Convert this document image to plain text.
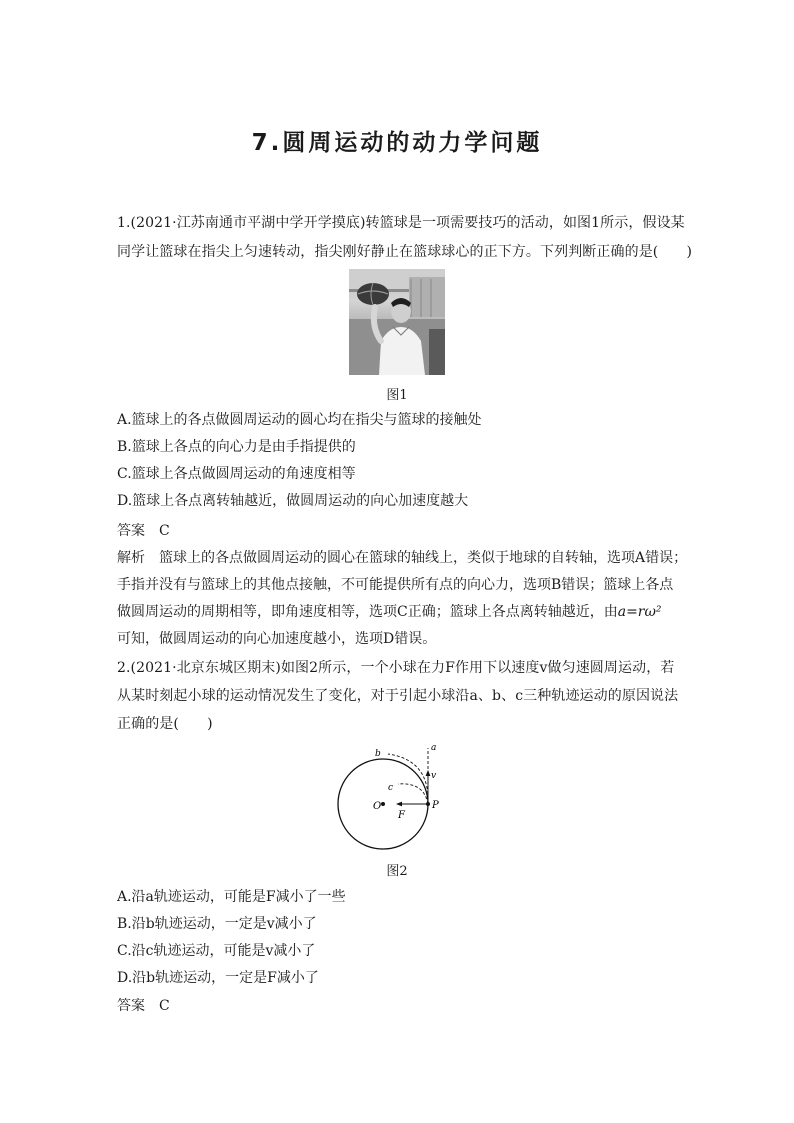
7.圆周运动的动力学问题
1.(2021·江苏南通市平湖中学开学摸底)转篮球是一项需要技巧的活动，如图1所示，假设某
同学让篮球在指尖上匀速转动，指尖刚好静止在篮球球心的正下方。下列判断正确的是(　　)
图1
A.篮球上的各点做圆周运动的圆心均在指尖与篮球的接触处
B.篮球上各点的向心力是由手指提供的
C.篮球上各点做圆周运动的角速度相等
D.篮球上各点离转轴越近，做圆周运动的向心加速度越大
答案 C
解析 篮球上的各点做圆周运动的圆心在篮球的轴线上，类似于地球的自转轴，选项A错误；
手指并没有与篮球上的其他点接触，不可能提供所有点的向心力，选项B错误；篮球上各点
做圆周运动的周期相等，即角速度相等，选项C正确；篮球上各点离转轴越近，由a=rω²
可知，做圆周运动的向心加速度越小，选项D错误。
2.(2021·北京东城区期末)如图2所示，一个小球在力F作用下以速度v做匀速圆周运动，若
从某时刻起小球的运动情况发生了变化，对于引起小球沿a、b、c三种轨迹运动的原因说法
正确的是(　　)
a
b
c
v
O	P
F
图2
A.沿a轨迹运动，可能是F减小了一些
B.沿b轨迹运动，一定是v减小了
C.沿c轨迹运动，可能是v减小了
D.沿b轨迹运动，一定是F减小了
答案 C
